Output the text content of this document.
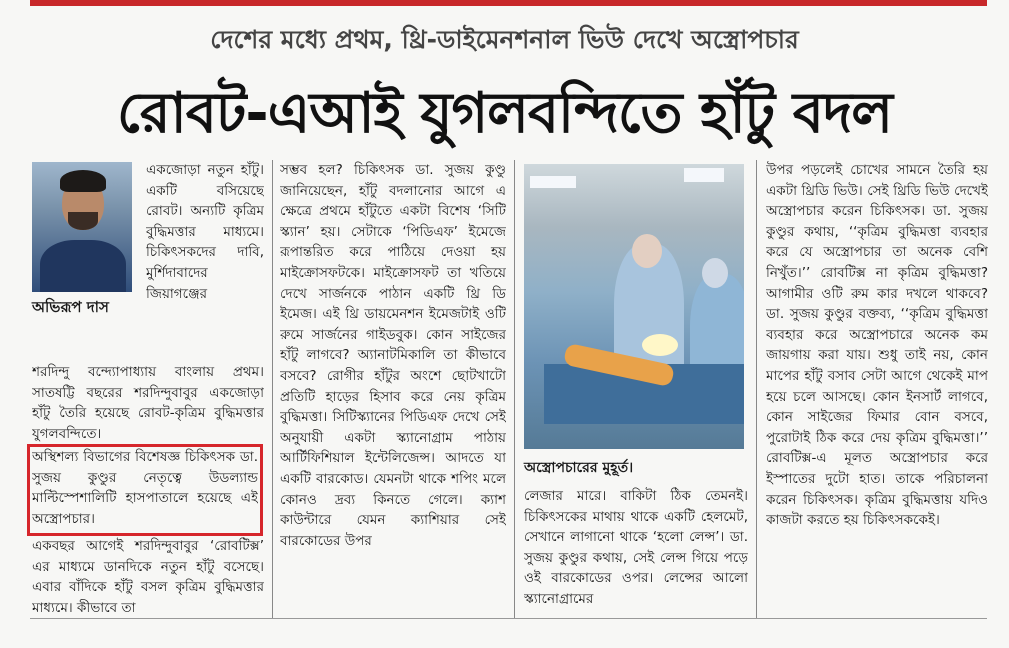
দেশের মধ্যে প্রথম, থ্রি-ডাইমেনশনাল ভিউ দেখে অস্ত্রোপচার
রোবট-এআই যুগলবন্দিতে হাঁটু বদল
অভিরূপ দাস

একজোড়া নতুন হাঁটু। একটি বসিয়েছে রোবট। অন্যটি কৃত্রিম বুদ্ধিমত্তার মাধ্যমে। চিকিৎসকদের দাবি, মুর্শিদাবাদের জিয়াগঞ্জের

শরদিন্দু বন্দ্যোপাধ্যায় বাংলায় প্রথম। সাতষট্টি বছরের শরদিন্দুবাবুর একজোড়া হাঁটু তৈরি হয়েছে রোবট-কৃত্রিম বুদ্ধিমত্তার যুগলবন্দিতে।

অস্থিশল্য বিভাগের বিশেষজ্ঞ চিকিৎসক ডা. সুজয় কুণ্ডুর নেতৃত্বে উডল্যান্ড মাল্টিস্পেশালিটি হাসপাতালে হয়েছে এই অস্ত্রোপচার।

একবছর আগেই শরদিন্দুবাবুর ‘রোবটিক্স’ এর মাধ্যমে ডানদিকে নতুন হাঁটু বসেছে। এবার বাঁদিকে হাঁটু বসল কৃত্রিম বুদ্ধিমত্তার মাধ্যমে। কীভাবে তা

সম্ভব হল? চিকিৎসক ডা. সুজয় কুণ্ডু জানিয়েছেন, হাঁটু বদলানোর আগে এ ক্ষেত্রে প্রথমে হাঁটুতে একটা বিশেষ ‘সিটি স্ক্যান’ হয়। সেটাকে ‘পিডিএফ’ ইমেজে রূপান্তরিত করে পাঠিয়ে দেওয়া হয় মাইক্রোসফটকে। মাইক্রোসফট তা খতিয়ে দেখে সার্জনকে পাঠান একটি থ্রি ডি ইমেজ। এই থ্রি ডায়মেনশন ইমেজটাই ওটি রুমে সার্জনের গাইডবুক। কোন সাইজের হাঁটু লাগবে? অ্যানাটমিকালি তা কীভাবে বসবে? রোগীর হাঁটুর অংশে ছোটখাটো প্রতিটি হাড়ের হিসাব করে নেয় কৃত্রিম বুদ্ধিমত্তা। সিটিস্ক্যানের পিডিএফ দেখে সেই অনুযায়ী একটা স্ক্যানোগ্রাম পাঠায় আর্টিফিশিয়াল ইন্টেলিজেন্স। আদতে যা একটি বারকোড। যেমনটা থাকে শপিং মলে কোনও দ্রব্য কিনতে গেলে। ক্যাশ কাউন্টারে যেমন ক্যাশিয়ার সেই বারকোডের উপর

অস্ত্রোপচারের মুহূর্ত।

লেজার মারে। বাকিটা ঠিক তেমনই। চিকিৎসকের মাথায় থাকে একটি হেলমেট, সেখানে লাগানো থাকে ‘হলো লেন্স’। ডা. সুজয় কুণ্ডুর কথায়, সেই লেন্স গিয়ে পড়ে ওই বারকোডের ওপর। লেন্সের আলো স্ক্যানোগ্রামের

উপর পড়লেই চোখের সামনে তৈরি হয় একটা থ্রিডি ভিউ। সেই থ্রিডি ভিউ দেখেই অস্ত্রোপচার করেন চিকিৎসক। ডা. সুজয় কুণ্ডুর কথায়, ‘‘কৃত্রিম বুদ্ধিমত্তা ব্যবহার করে যে অস্ত্রোপচার তা অনেক বেশি নিখুঁত।’’ রোবটিক্স না কৃত্রিম বুদ্ধিমত্তা? আগামীর ওটি রুম কার দখলে থাকবে? ডা. সুজয় কুণ্ডুর বক্তব্য, ‘‘কৃত্রিম বুদ্ধিমত্তা ব্যবহার করে অস্ত্রোপচারে অনেক কম জায়গায় করা যায়। শুধু তাই নয়, কোন মাপের হাঁটু বসাব সেটা আগে থেকেই মাপ হয়ে চলে আসছে। কোন ইনসার্ট লাগবে, কোন সাইজের ফিমার বোন বসবে, পুরোটাই ঠিক করে দেয় কৃত্রিম বুদ্ধিমত্তা।’’ রোবটিক্স-এ মূলত অস্ত্রোপচার করে ইস্পাতের দুটো হাত। তাকে পরিচালনা করেন চিকিৎসক। কৃত্রিম বুদ্ধিমত্তায় যদিও কাজটা করতে হয় চিকিৎসককেই।
